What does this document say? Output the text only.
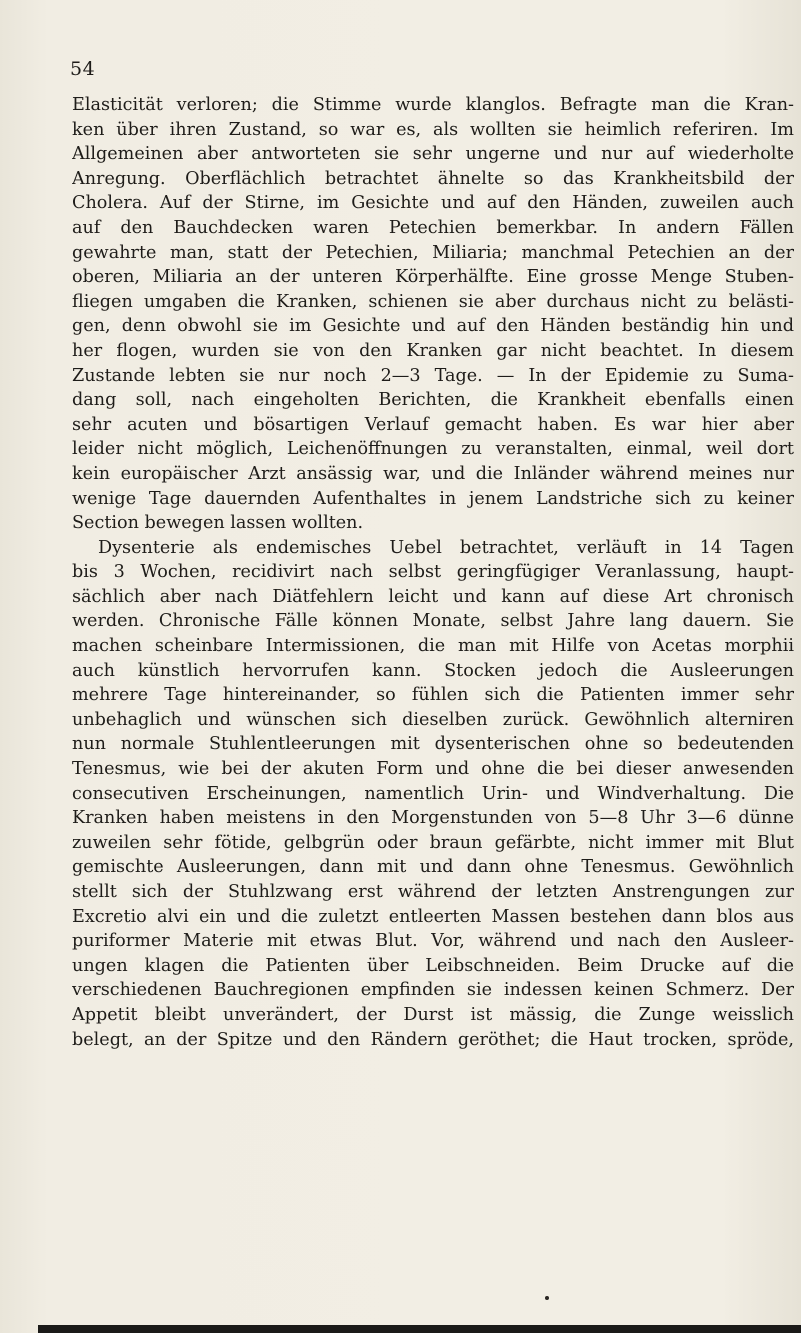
54
Elasticität verloren; die Stimme wurde klanglos. Befragte man die Kran-
ken über ihren Zustand, so war es, als wollten sie heimlich referiren. Im
Allgemeinen aber antworteten sie sehr ungerne und nur auf wiederholte
Anregung. Oberflächlich betrachtet ähnelte so das Krankheitsbild der
Cholera. Auf der Stirne, im Gesichte und auf den Händen, zuweilen auch
auf den Bauchdecken waren Petechien bemerkbar. In andern Fällen
gewahrte man, statt der Petechien, Miliaria; manchmal Petechien an der
oberen, Miliaria an der unteren Körperhälfte. Eine grosse Menge Stuben-
fliegen umgaben die Kranken, schienen sie aber durchaus nicht zu belästi-
gen, denn obwohl sie im Gesichte und auf den Händen beständig hin und
her flogen, wurden sie von den Kranken gar nicht beachtet. In diesem
Zustande lebten sie nur noch 2—3 Tage. — In der Epidemie zu Suma-
dang soll, nach eingeholten Berichten, die Krankheit ebenfalls einen
sehr acuten und bösartigen Verlauf gemacht haben. Es war hier aber
leider nicht möglich, Leichenöffnungen zu veranstalten, einmal, weil dort
kein europäischer Arzt ansässig war, und die Inländer während meines nur
wenige Tage dauernden Aufenthaltes in jenem Landstriche sich zu keiner
Section bewegen lassen wollten.
Dysenterie als endemisches Uebel betrachtet, verläuft in 14 Tagen
bis 3 Wochen, recidivirt nach selbst geringfügiger Veranlassung, haupt-
sächlich aber nach Diätfehlern leicht und kann auf diese Art chronisch
werden. Chronische Fälle können Monate, selbst Jahre lang dauern. Sie
machen scheinbare Intermissionen, die man mit Hilfe von Acetas morphii
auch künstlich hervorrufen kann. Stocken jedoch die Ausleerungen
mehrere Tage hintereinander, so fühlen sich die Patienten immer sehr
unbehaglich und wünschen sich dieselben zurück. Gewöhnlich alterniren
nun normale Stuhlentleerungen mit dysenterischen ohne so bedeutenden
Tenesmus, wie bei der akuten Form und ohne die bei dieser anwesenden
consecutiven Erscheinungen, namentlich Urin- und Windverhaltung. Die
Kranken haben meistens in den Morgenstunden von 5—8 Uhr 3—6 dünne
zuweilen sehr fötide, gelbgrün oder braun gefärbte, nicht immer mit Blut
gemischte Ausleerungen, dann mit und dann ohne Tenesmus. Gewöhnlich
stellt sich der Stuhlzwang erst während der letzten Anstrengungen zur
Excretio alvi ein und die zuletzt entleerten Massen bestehen dann blos aus
puriformer Materie mit etwas Blut. Vor, während und nach den Ausleer-
ungen klagen die Patienten über Leibschneiden. Beim Drucke auf die
verschiedenen Bauchregionen empfinden sie indessen keinen Schmerz. Der
Appetit bleibt unverändert, der Durst ist mässig, die Zunge weisslich
belegt, an der Spitze und den Rändern geröthet; die Haut trocken, spröde,
